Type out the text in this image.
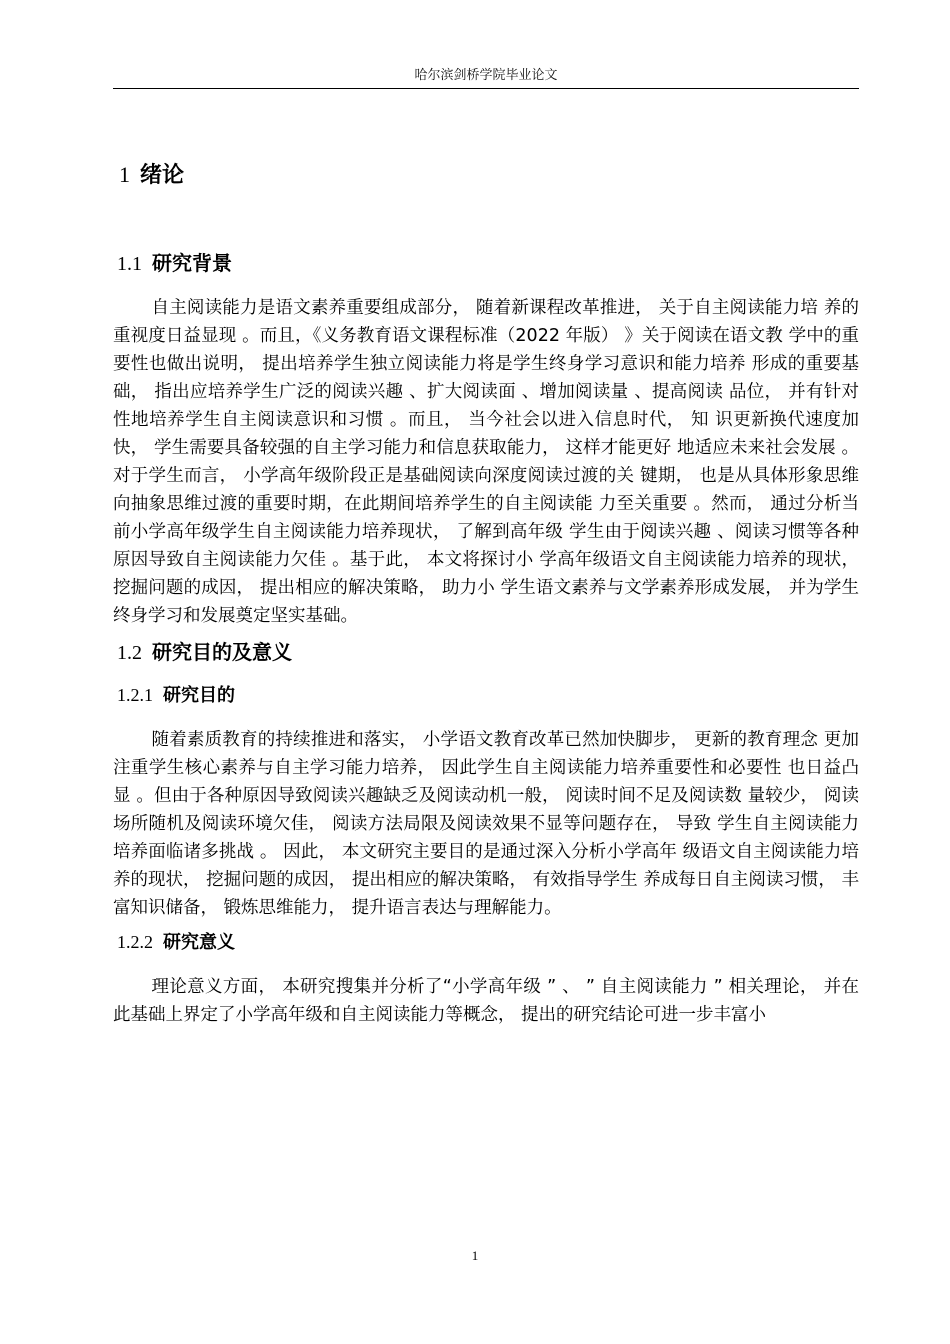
哈尔滨剑桥学院毕业论文
1 绪论
1.1 研究背景

自主阅读能力是语文素养重要组成部分， 随着新课程改革推进， 关于自主阅读能力培 养的重视度日益显现 。而且，《义务教育语文课程标准（2022 年版） 》关于阅读在语文教 学中的重要性也做出说明， 提出培养学生独立阅读能力将是学生终身学习意识和能力培养 形成的重要基础， 指出应培养学生广泛的阅读兴趣 、扩大阅读面 、增加阅读量 、提高阅读 品位， 并有针对性地培养学生自主阅读意识和习惯 。而且， 当今社会以进入信息时代， 知 识更新换代速度加快， 学生需要具备较强的自主学习能力和信息获取能力， 这样才能更好 地适应未来社会发展 。对于学生而言， 小学高年级阶段正是基础阅读向深度阅读过渡的关 键期， 也是从具体形象思维向抽象思维过渡的重要时期，在此期间培养学生的自主阅读能 力至关重要 。然而， 通过分析当前小学高年级学生自主阅读能力培养现状， 了解到高年级 学生由于阅读兴趣 、阅读习惯等各种原因导致自主阅读能力欠佳 。基于此， 本文将探讨小 学高年级语文自主阅读能力培养的现状， 挖掘问题的成因， 提出相应的解决策略， 助力小 学生语文素养与文学素养形成发展， 并为学生终身学习和发展奠定坚实基础。

1.2 研究目的及意义
1.2.1 研究目的

随着素质教育的持续推进和落实， 小学语文教育改革已然加快脚步， 更新的教育理念 更加注重学生核心素养与自主学习能力培养， 因此学生自主阅读能力培养重要性和必要性 也日益凸显 。但由于各种原因导致阅读兴趣缺乏及阅读动机一般， 阅读时间不足及阅读数 量较少， 阅读场所随机及阅读环境欠佳， 阅读方法局限及阅读效果不显等问题存在， 导致 学生自主阅读能力培养面临诸多挑战 。 因此， 本文研究主要目的是通过深入分析小学高年 级语文自主阅读能力培养的现状， 挖掘问题的成因， 提出相应的解决策略， 有效指导学生 养成每日自主阅读习惯， 丰富知识储备， 锻炼思维能力， 提升语言表达与理解能力。

1.2.2 研究意义

理论意义方面， 本研究搜集并分析了“小学高年级 ” 、 ” 自主阅读能力 ” 相关理论， 并在此基础上界定了小学高年级和自主阅读能力等概念， 提出的研究结论可进一步丰富小

1
